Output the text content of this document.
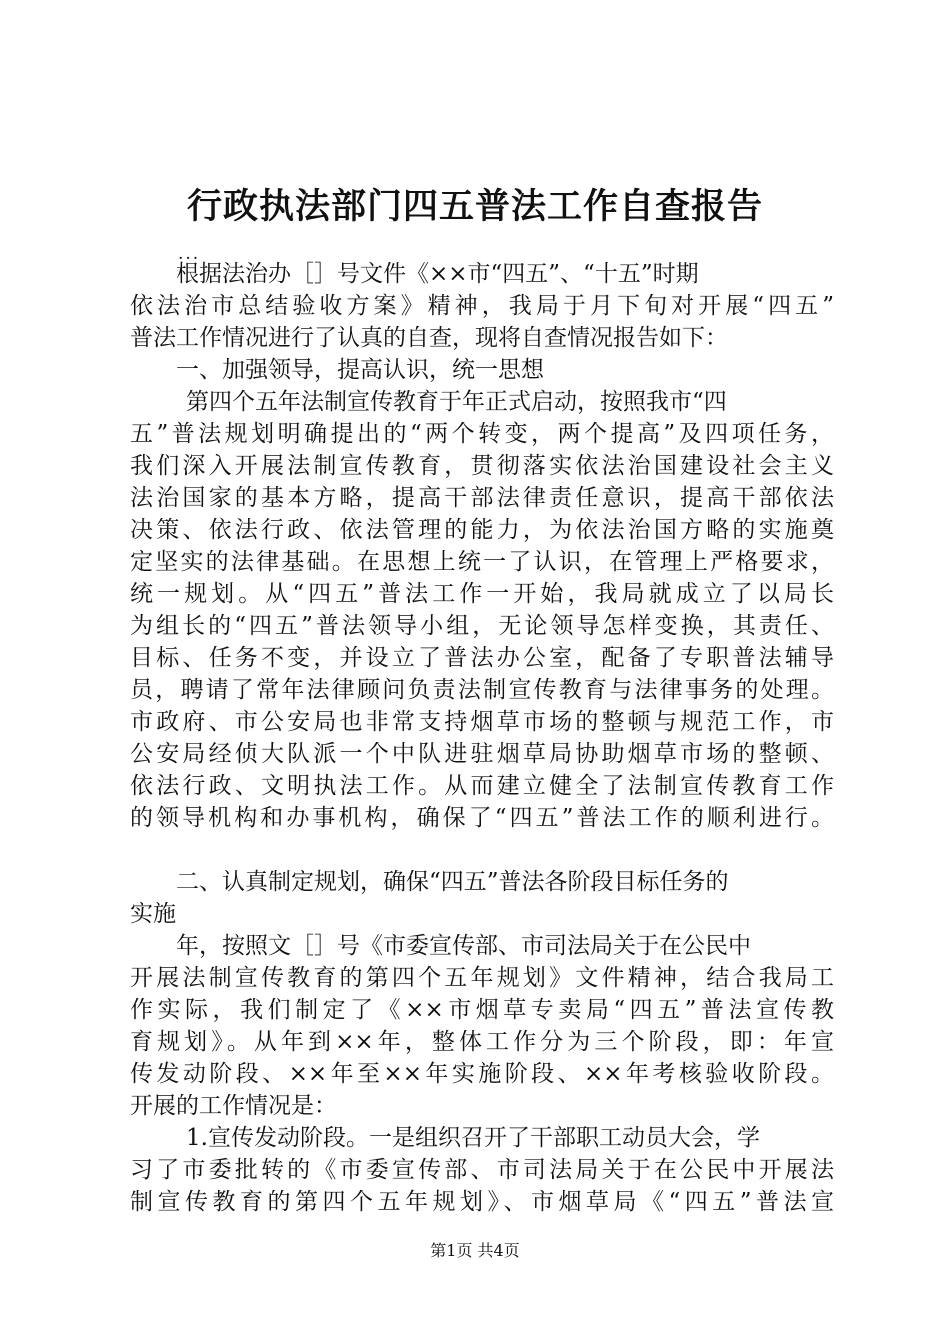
行政执法部门四五普法工作自查报告
...
根据法治办［］号文件《××市“四五”、“十五”时期
依法治市总结验收方案》精神，我局于月下旬对开展“四五”
普法工作情况进行了认真的自查，现将自查情况报告如下：
一、加强领导，提高认识，统一思想
第四个五年法制宣传教育于年正式启动，按照我市“四
五”普法规划明确提出的“两个转变，两个提高”及四项任务，
我们深入开展法制宣传教育，贯彻落实依法治国建设社会主义
法治国家的基本方略，提高干部法律责任意识，提高干部依法
决策、依法行政、依法管理的能力，为依法治国方略的实施奠
定坚实的法律基础。在思想上统一了认识，在管理上严格要求，
统一规划。从“四五”普法工作一开始，我局就成立了以局长
为组长的“四五”普法领导小组，无论领导怎样变换，其责任、
目标、任务不变，并设立了普法办公室，配备了专职普法辅导
员，聘请了常年法律顾问负责法制宣传教育与法律事务的处理。
市政府、市公安局也非常支持烟草市场的整顿与规范工作，市
公安局经侦大队派一个中队进驻烟草局协助烟草市场的整顿、
依法行政、文明执法工作。从而建立健全了法制宣传教育工作
的领导机构和办事机构，确保了“四五”普法工作的顺利进行。
二、认真制定规划，确保“四五”普法各阶段目标任务的
实施
年，按照文［］号《市委宣传部、市司法局关于在公民中
开展法制宣传教育的第四个五年规划》文件精神，结合我局工
作实际，我们制定了《××市烟草专卖局“四五”普法宣传教
育规划》。从年到××年，整体工作分为三个阶段，即：年宣
传发动阶段、××年至××年实施阶段、××年考核验收阶段。
开展的工作情况是：
1.宣传发动阶段。一是组织召开了干部职工动员大会，学
习了市委批转的《市委宣传部、市司法局关于在公民中开展法
制宣传教育的第四个五年规划》、市烟草局《“四五”普法宣
第1页 共4页
